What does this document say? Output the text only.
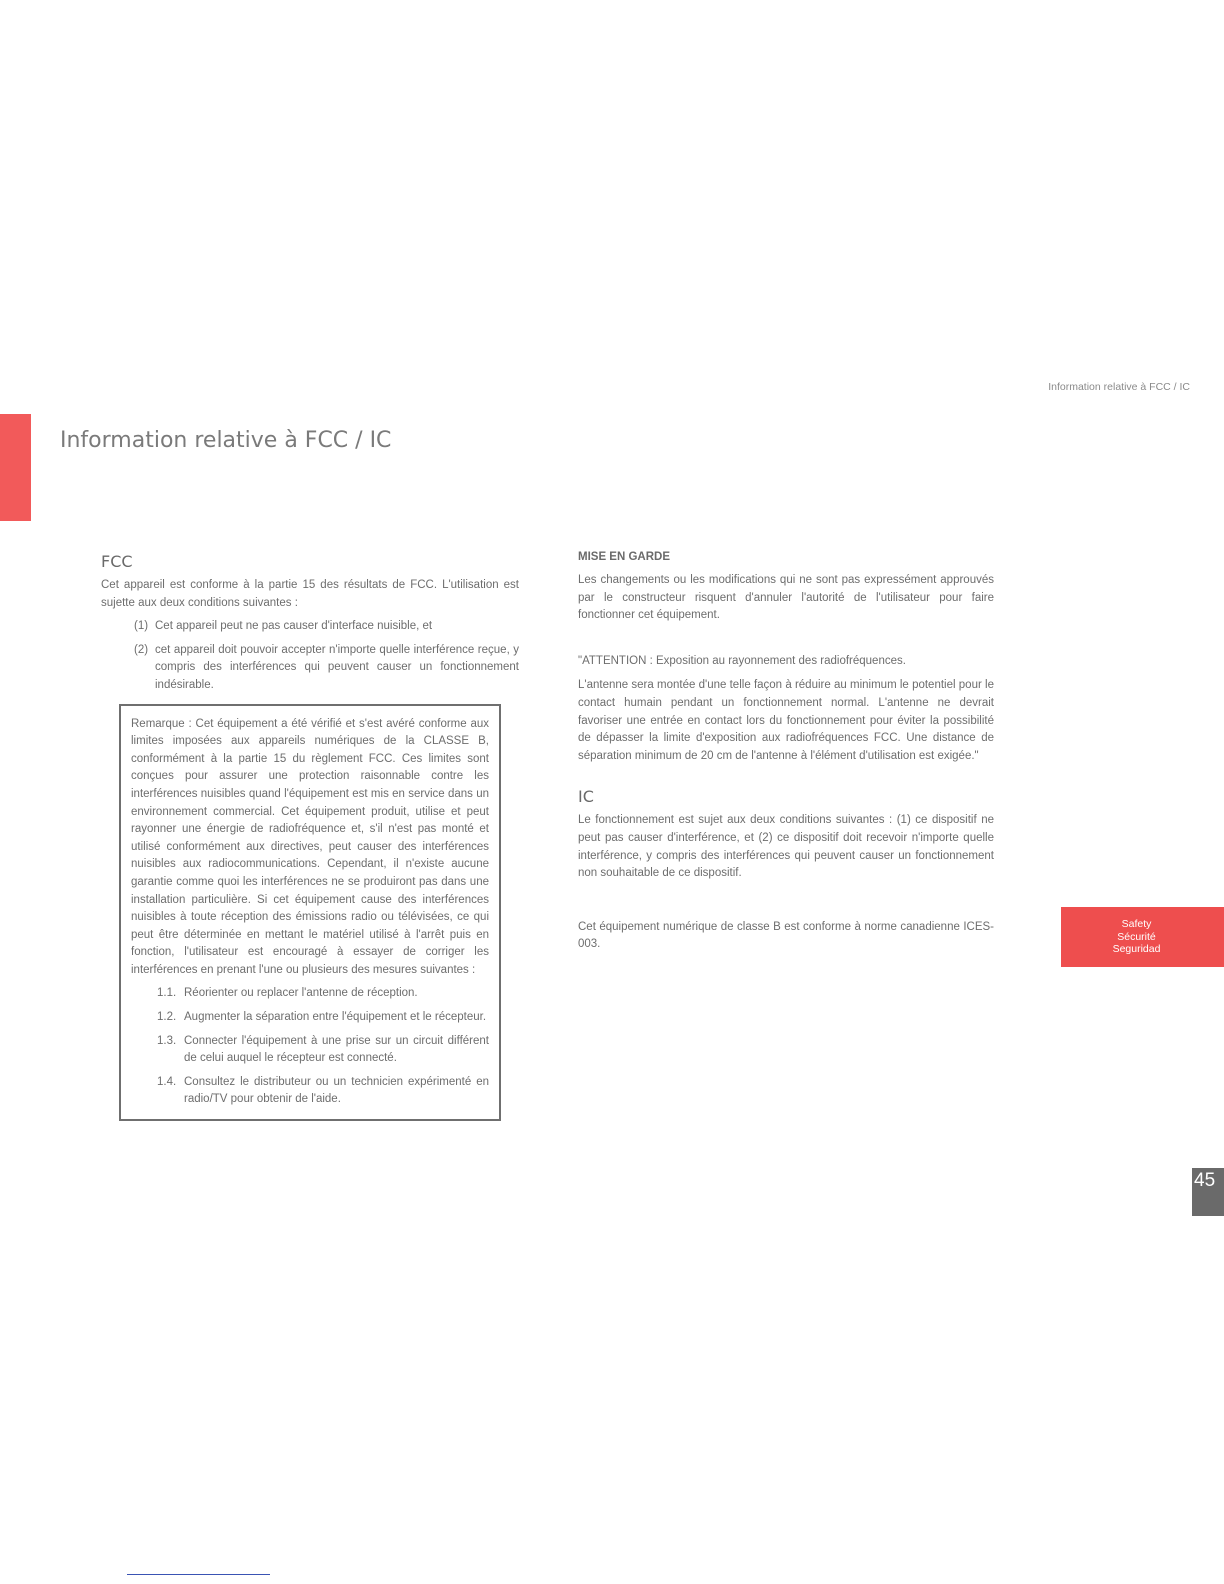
Information relative à FCC / IC
Information relative à FCC / IC
FCC

Cet appareil est conforme à la partie 15 des résultats de FCC. L'utilisation est sujette aux deux conditions suivantes :

(1) Cet appareil peut ne pas causer d'interface nuisible, et
(2) cet appareil doit pouvoir accepter n'importe quelle interférence reçue, y compris des interférences qui peuvent causer un fonctionnement indésirable.

Remarque : Cet équipement a été vérifié et s'est avéré conforme aux limites imposées aux appareils numériques de la CLASSE B, conformément à la partie 15 du règlement FCC. Ces limites sont conçues pour assurer une protection raisonnable contre les interférences nuisibles quand l'équipement est mis en service dans un environnement commercial. Cet équipement produit, utilise et peut rayonner une énergie de radiofréquence et, s'il n'est pas monté et utilisé conformément aux directives, peut causer des interférences nuisibles aux radiocommunications. Cependant, il n'existe aucune garantie comme quoi les interférences ne se produiront pas dans une installation particulière. Si cet équipement cause des interférences nuisibles à toute réception des émissions radio ou télévisées, ce qui peut être déterminée en mettant le matériel utilisé à l'arrêt puis en fonction, l'utilisateur est encouragé à essayer de corriger les interférences en prenant l'une ou plusieurs des mesures suivantes :

1.1. Réorienter ou replacer l'antenne de réception.
1.2. Augmenter la séparation entre l'équipement et le récepteur.
1.3. Connecter l'équipement à une prise sur un circuit différent de celui auquel le récepteur est connecté.
1.4. Consultez le distributeur ou un technicien expérimenté en radio/TV pour obtenir de l'aide.
MISE EN GARDE

Les changements ou les modifications qui ne sont pas expressément approuvés par le constructeur risquent d'annuler l'autorité de l'utilisateur pour faire fonctionner cet équipement.

"ATTENTION : Exposition au rayonnement des radiofréquences.

L'antenne sera montée d'une telle façon à réduire au minimum le potentiel pour le contact humain pendant un fonctionnement normal. L'antenne ne devrait favoriser une entrée en contact lors du fonctionnement pour éviter la possibilité de dépasser la limite d'exposition aux radiofréquences FCC. Une distance de séparation minimum de 20 cm de l'antenne à l'élément d'utilisation est exigée."

IC

Le fonctionnement est sujet aux deux conditions suivantes : (1) ce dispositif ne peut pas causer d'interférence, et (2) ce dispositif doit recevoir n'importe quelle interférence, y compris des interférences qui peuvent causer un fonctionnement non souhaitable de ce dispositif.

Cet équipement numérique de classe B est conforme à norme canadienne ICES-003.

Safety
Sécurité
Seguridad
45
